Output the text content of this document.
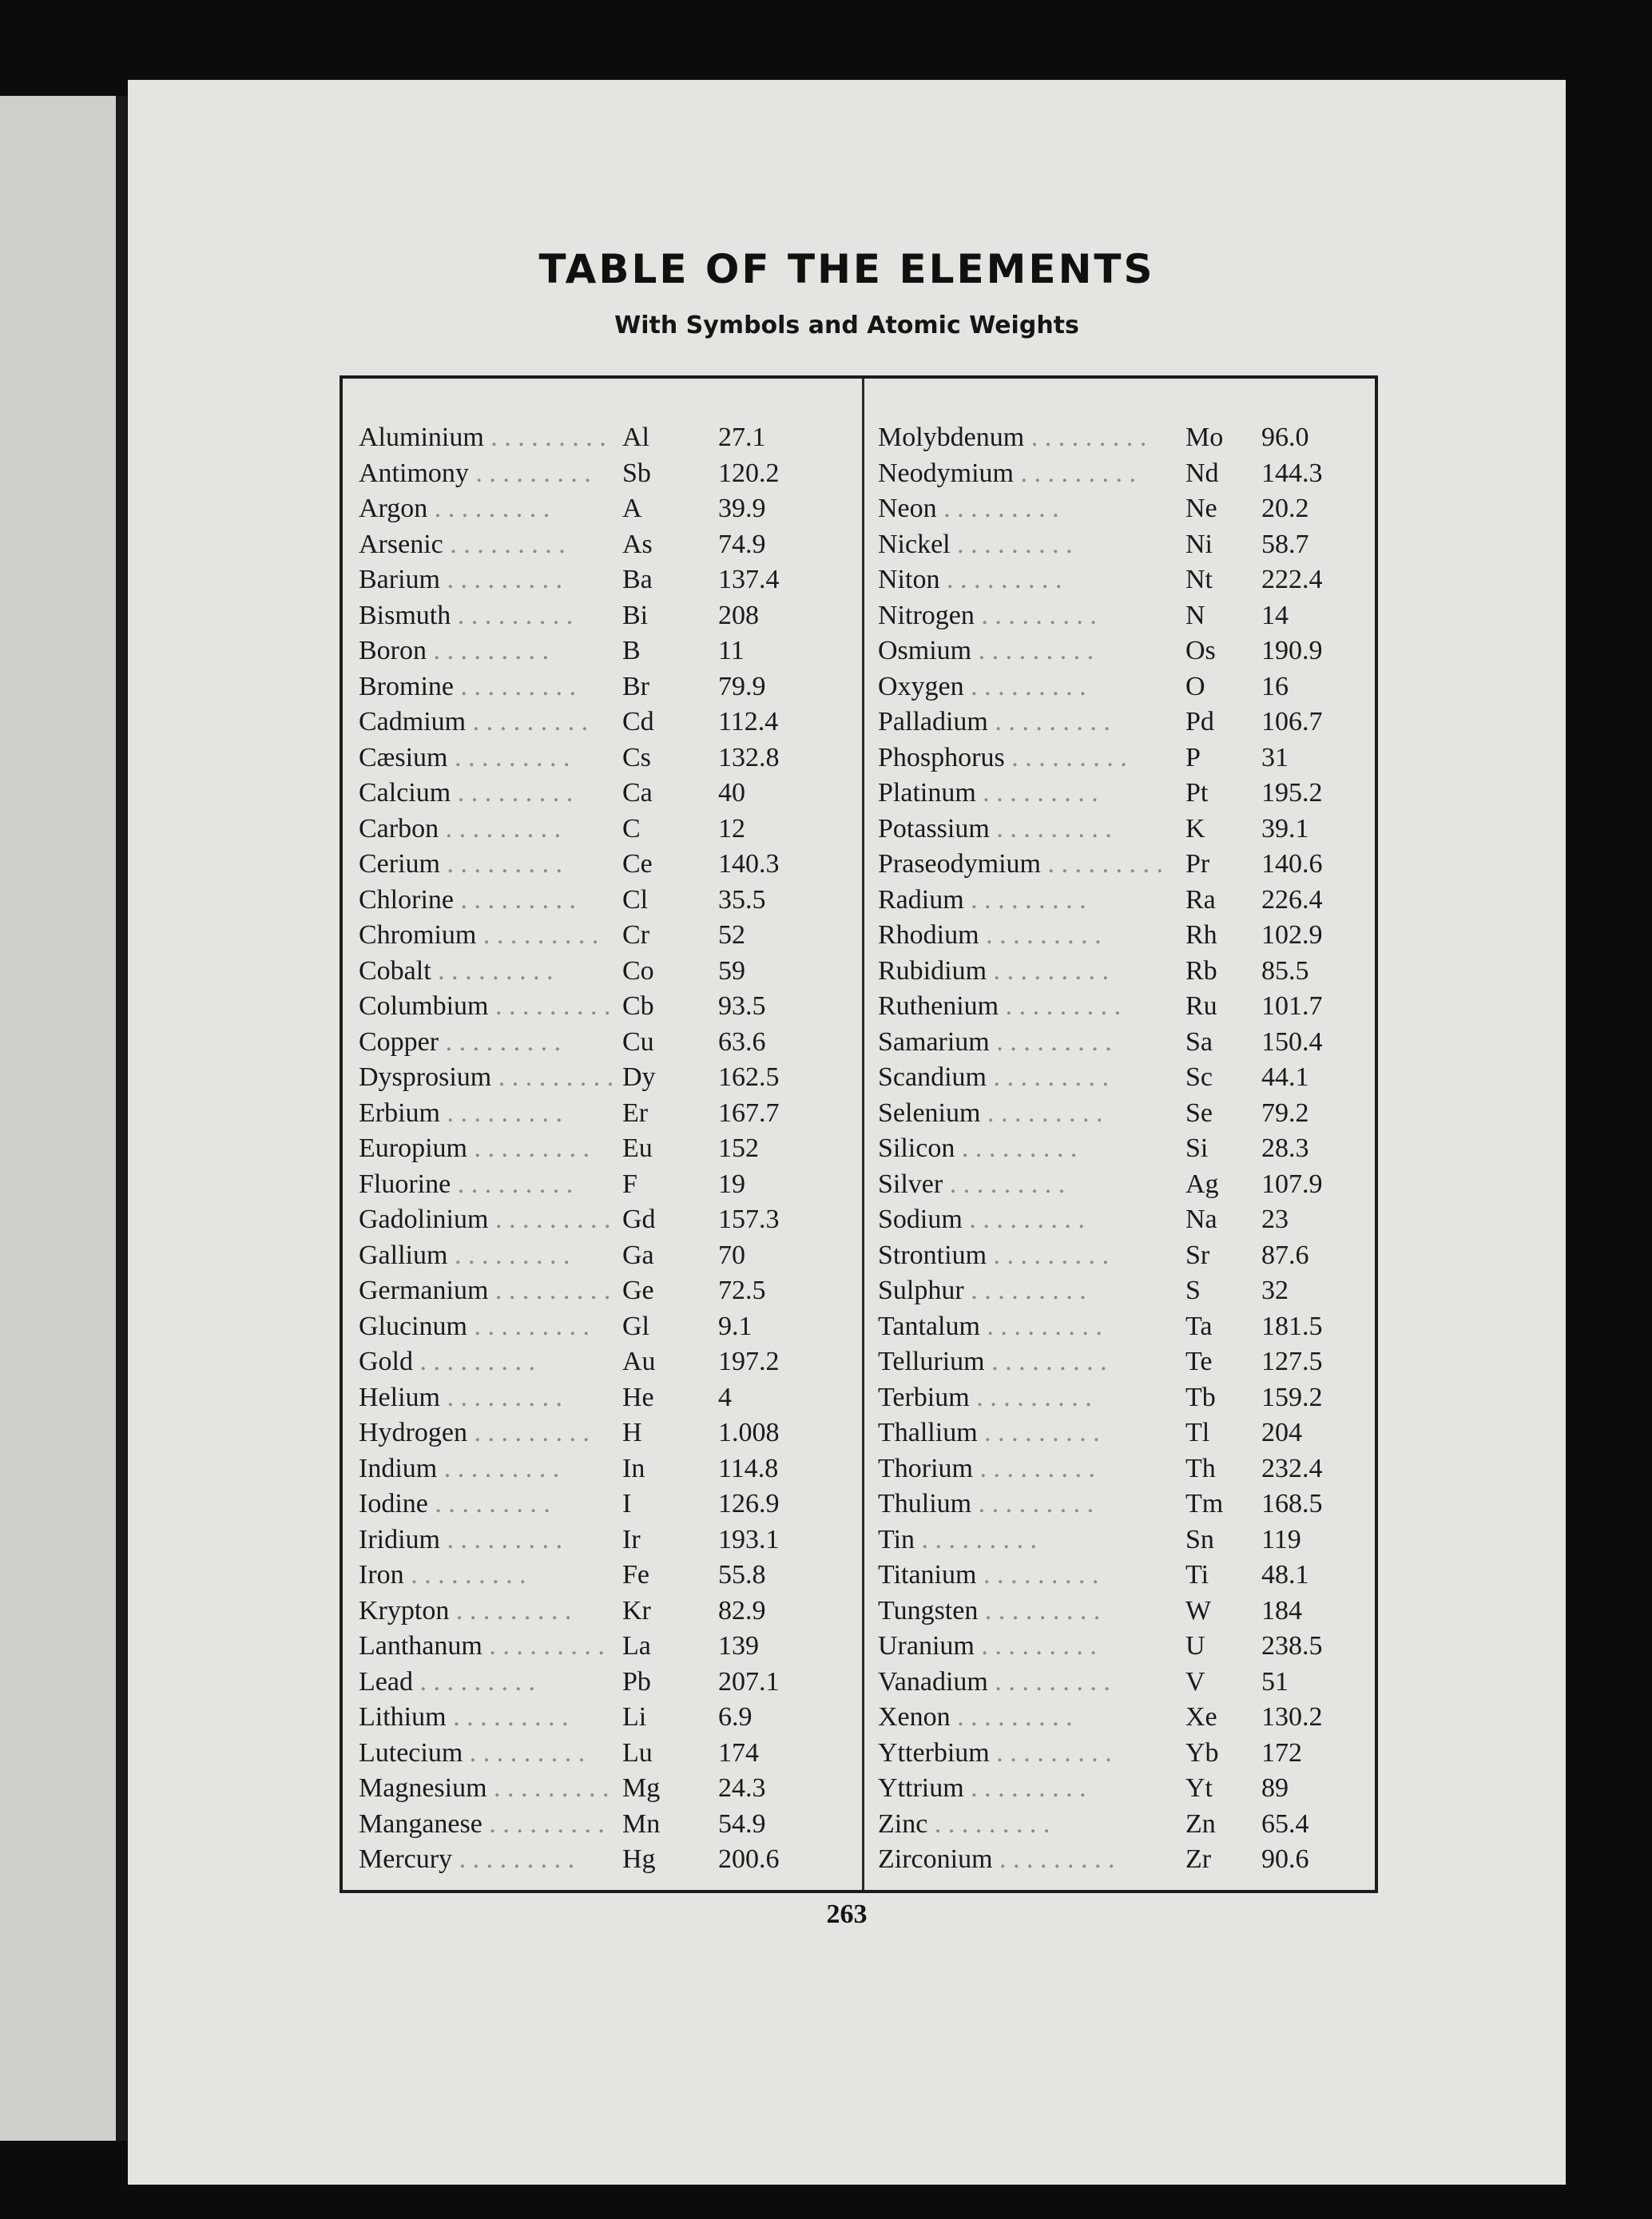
TABLE OF THE ELEMENTS
With Symbols and Atomic Weights
Aluminium . .	Al	27.1
Antimony . .	Sb	120.2
Argon . .	A	39.9
Arsenic . .	As	74.9
Barium . .	Ba	137.4
Bismuth . .	Bi	208
Boron . .	B	11
Bromine . .	Br	79.9
Cadmium . .	Cd	112.4
Cæsium . .	Cs	132.8
Calcium . .	Ca	40
Carbon . .	C	12
Cerium . .	Ce	140.3
Chlorine . .	Cl	35.5
Chromium . .	Cr	52
Cobalt . .	Co	59
Columbium . .	Cb	93.5
Copper . .	Cu	63.6
Dysprosium . .	Dy	162.5
Erbium . .	Er	167.7
Europium . .	Eu	152
Fluorine . .	F	19
Gadolinium . .	Gd	157.3
Gallium . .	Ga	70
Germanium . .	Ge	72.5
Glucinum . .	Gl	9.1
Gold . .	Au	197.2
Helium . .	He	4
Hydrogen . .	H	1.008
Indium . .	In	114.8
Iodine . .	I	126.9
Iridium . .	Ir	193.1
Iron . .	Fe	55.8
Krypton . .	Kr	82.9
Lanthanum . .	La	139
Lead . .	Pb	207.1
Lithium . .	Li	6.9
Lutecium . .	Lu	174
Magnesium . .	Mg	24.3
Manganese . .	Mn	54.9
Mercury . .	Hg	200.6
Molybdenum . .	Mo	96.0
Neodymium . .	Nd	144.3
Neon . .	Ne	20.2
Nickel . .	Ni	58.7
Niton . .	Nt	222.4
Nitrogen . .	N	14
Osmium . .	Os	190.9
Oxygen . .	O	16
Palladium . .	Pd	106.7
Phosphorus . .	P	31
Platinum . .	Pt	195.2
Potassium . .	K	39.1
Praseodymium . .	Pr	140.6
Radium . .	Ra	226.4
Rhodium . .	Rh	102.9
Rubidium . .	Rb	85.5
Ruthenium . .	Ru	101.7
Samarium . .	Sa	150.4
Scandium . .	Sc	44.1
Selenium . .	Se	79.2
Silicon . .	Si	28.3
Silver . .	Ag	107.9
Sodium . .	Na	23
Strontium . .	Sr	87.6
Sulphur . .	S	32
Tantalum . .	Ta	181.5
Tellurium . .	Te	127.5
Terbium . .	Tb	159.2
Thallium . .	Tl	204
Thorium . .	Th	232.4
Thulium . .	Tm	168.5
Tin . .	Sn	119
Titanium . .	Ti	48.1
Tungsten . .	W	184
Uranium . .	U	238.5
Vanadium . .	V	51
Xenon . .	Xe	130.2
Ytterbium . .	Yb	172
Yttrium . .	Yt	89
Zinc . .	Zn	65.4
Zirconium . .	Zr	90.6
263
